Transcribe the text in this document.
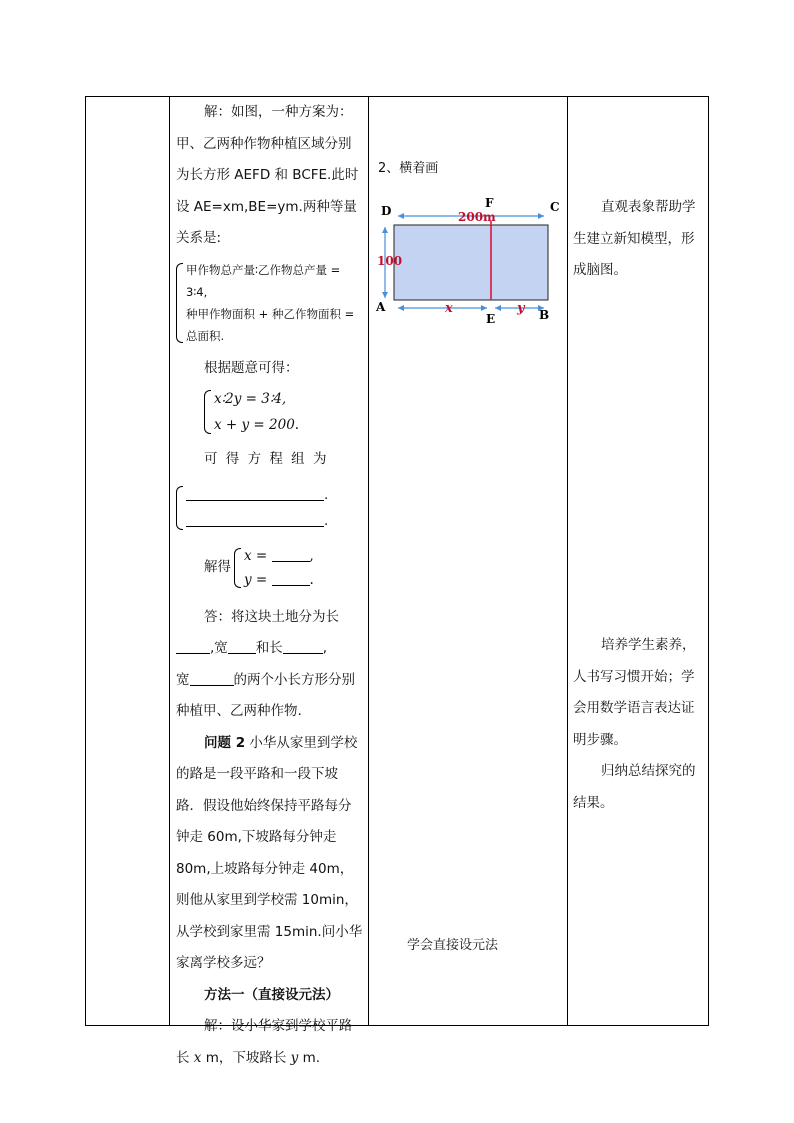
解：如图，一种方案为：甲、乙两种作物种植区域分别为长方形 AEFD 和 BCFE.此时设 AE=xm,BE=ym.两种等量关系是:

甲作物总产量∶乙作物总产量 = 3∶4,
种甲作物面积 + 种乙作物面积 = 总面积.

根据题意可得：

x∶2y = 3∶4,
x + y = 200.

可 得 方 程 组 为

.
.
解得
x =	,
y =	.

答：将这块土地分为长,宽 和长	,
宽	的两个小长方形分别种植甲、乙两种作物.

问题 2 小华从家里到学校的路是一段平路和一段下坡路．假设他始终保持平路每分钟走 60m,下坡路每分钟走 80m,上坡路每分钟走 40m，则他从家里到学校需 10min，从学校到家里需 15min.问小华家离学校多远？

方法一（直接设元法）

解：设小华家到学校平路长 x m，下坡路长 y m.

2、横着画
D
F	C
A
E	B
200m
100
x	y
学会直接设元法

直观表象帮助学生建立新知模型，形成脑图。

培养学生素养，人书写习惯开始；学会用数学语言表达证明步骤。

归纳总结探究的结果。
